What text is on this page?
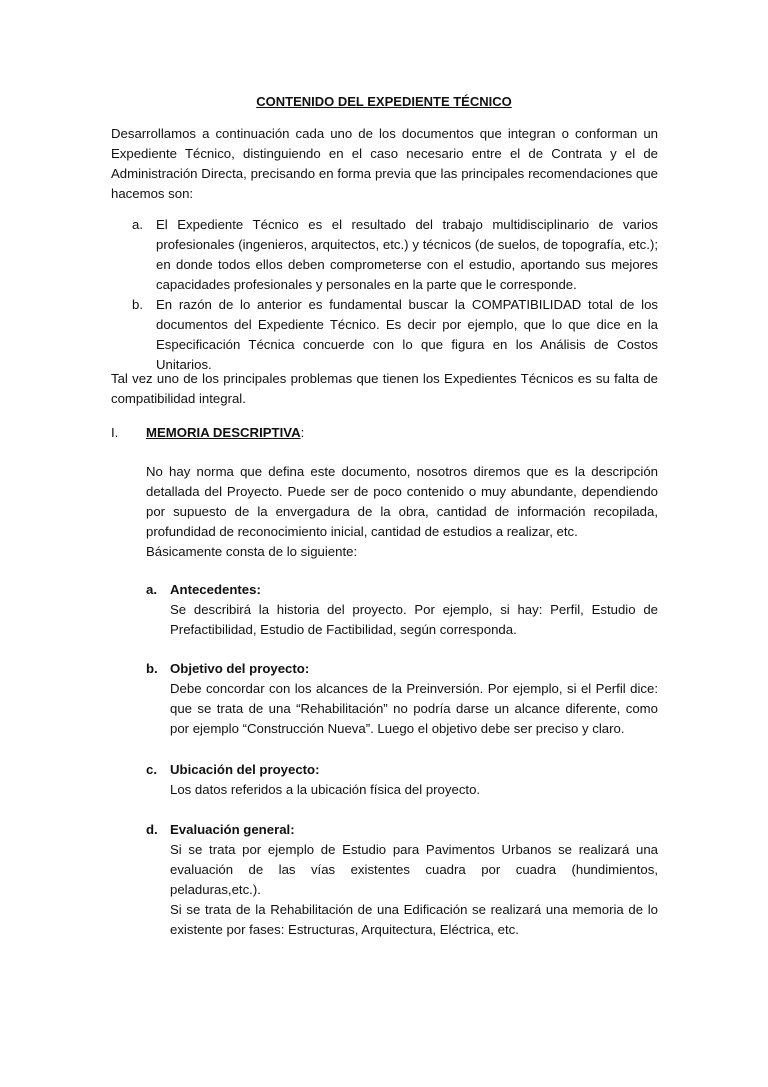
CONTENIDO DEL EXPEDIENTE TÉCNICO

Desarrollamos a continuación cada uno de los documentos que integran o conforman un Expediente Técnico, distinguiendo en el caso necesario entre el de Contrata y el de Administración Directa, precisando en forma previa que las principales recomendaciones que hacemos son:

a. El Expediente Técnico es el resultado del trabajo multidisciplinario de varios profesionales (ingenieros, arquitectos, etc.) y técnicos (de suelos, de topografía, etc.); en donde todos ellos deben comprometerse con el estudio, aportando sus mejores capacidades profesionales y personales en la parte que le corresponde.
b. En razón de lo anterior es fundamental buscar la COMPATIBILIDAD total de los documentos del Expediente Técnico. Es decir por ejemplo, que lo que dice en la Especificación Técnica concuerde con lo que figura en los Análisis de Costos Unitarios.

Tal vez uno de los principales problemas que tienen los Expedientes Técnicos es su falta de compatibilidad integral.

I. MEMORIA DESCRIPTIVA:

No hay norma que defina este documento, nosotros diremos que es la descripción detallada del Proyecto. Puede ser de poco contenido o muy abundante, dependiendo por supuesto de la envergadura de la obra, cantidad de información recopilada, profundidad de reconocimiento inicial, cantidad de estudios a realizar, etc.

Básicamente consta de lo siguiente:

a. Antecedentes:

Se describirá la historia del proyecto. Por ejemplo, si hay: Perfil, Estudio de Prefactibilidad, Estudio de Factibilidad, según corresponda.

b. Objetivo del proyecto:

Debe concordar con los alcances de la Preinversión. Por ejemplo, si el Perfil dice: que se trata de una “Rehabilitación” no podría darse un alcance diferente, como por ejemplo “Construcción Nueva”. Luego el objetivo debe ser preciso y claro.

c. Ubicación del proyecto:

Los datos referidos a la ubicación física del proyecto.

d. Evaluación general:

Si se trata por ejemplo de Estudio para Pavimentos Urbanos se realizará una evaluación de las vías existentes cuadra por cuadra (hundimientos, peladuras,etc.).

Si se trata de la Rehabilitación de una Edificación se realizará una memoria de lo existente por fases: Estructuras, Arquitectura, Eléctrica, etc.
